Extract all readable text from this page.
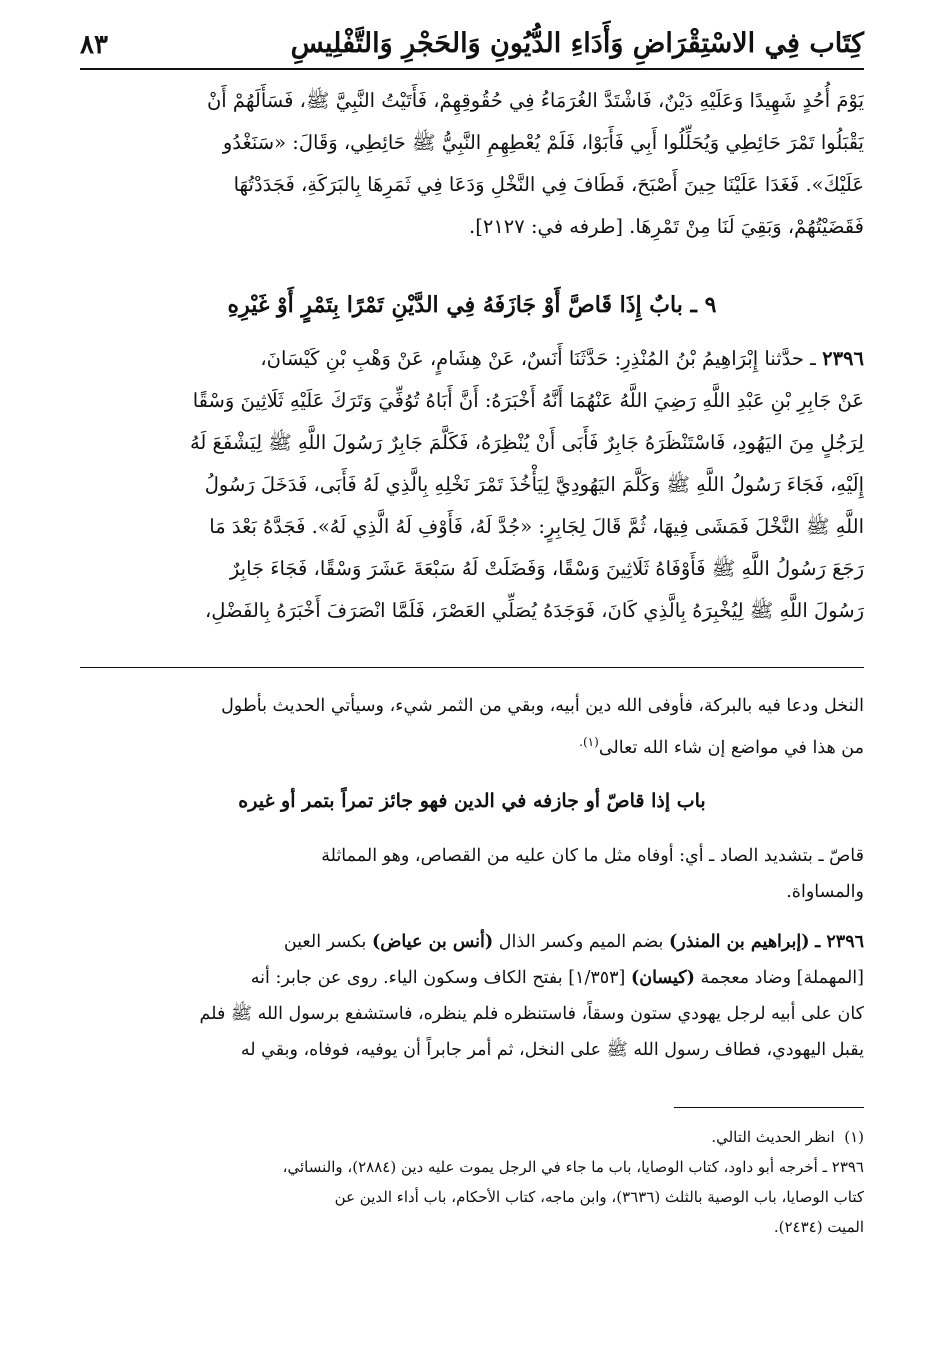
كِتَاب فِي الاسْتِقْرَاضِ وَأَدَاءِ الدُّيُونِ وَالحَجْرِ وَالتَّفْلِيسِ
٨٣
يَوْمَ أُحُدٍ شَهِيدًا وَعَلَيْهِ دَيْنٌ، فَاشْتَدَّ الغُرَمَاءُ فِي حُقُوقِهِمْ، فَأَتَيْتُ النَّبِيَّ ﷺ، فَسَأَلَهُمْ أَنْ
يَقْبَلُوا تَمْرَ حَائِطِي وَيُحَلِّلُوا أَبِي فَأَبَوْا، فَلَمْ يُعْطِهِمِ النَّبِيُّ ﷺ حَائِطِي، وَقَالَ: «سَنَغْدُو
عَلَيْكَ». فَغَدَا عَلَيْنَا حِينَ أَصْبَحَ، فَطَافَ فِي النَّخْلِ وَدَعَا فِي ثَمَرِهَا بِالبَرَكَةِ، فَجَدَدْتُهَا
فَقَضَيْتُهُمْ، وَبَقِيَ لَنَا مِنْ تَمْرِهَا. [طرفه في: ٢١٢٧].
٩ ـ بابٌ إِذَا قَاصَّ أَوْ جَازَفَهُ فِي الدَّيْنِ تَمْرًا بِتَمْرٍ أَوْ غَيْرِهِ
٢٣٩٦ ـ حدَّثنا إِبْرَاهِيمُ بْنُ المُنْذِرِ: حَدَّثَنَا أَنَسٌ، عَنْ هِشَامٍ، عَنْ وَهْبِ بْنِ كَيْسَانَ،
عَنْ جَابِرِ بْنِ عَبْدِ اللَّهِ رَضِيَ اللَّهُ عَنْهُمَا أَنَّهُ أَخْبَرَهُ: أَنَّ أَبَاهُ تُوُفِّيَ وَتَرَكَ عَلَيْهِ ثَلَاثِينَ وَسْقًا
لِرَجُلٍ مِنَ اليَهُودِ، فَاسْتَنْظَرَهُ جَابِرٌ فَأَبَى أَنْ يُنْظِرَهُ، فَكَلَّمَ جَابِرٌ رَسُولَ اللَّهِ ﷺ لِيَشْفَعَ لَهُ
إِلَيْهِ، فَجَاءَ رَسُولُ اللَّهِ ﷺ وَكَلَّمَ اليَهُودِيَّ لِيَأْخُذَ تَمْرَ نَخْلِهِ بِالَّذِي لَهُ فَأَبَى، فَدَخَلَ رَسُولُ
اللَّهِ ﷺ النَّخْلَ فَمَشَى فِيهَا، ثُمَّ قَالَ لِجَابِرٍ: «جُدَّ لَهُ، فَأَوْفِ لَهُ الَّذِي لَهُ». فَجَدَّهُ بَعْدَ مَا
رَجَعَ رَسُولُ اللَّهِ ﷺ فَأَوْفَاهُ ثَلَاثِينَ وَسْقًا، وَفَضَلَتْ لَهُ سَبْعَةَ عَشَرَ وَسْقًا، فَجَاءَ جَابِرٌ
رَسُولَ اللَّهِ ﷺ لِيُخْبِرَهُ بِالَّذِي كَانَ، فَوَجَدَهُ يُصَلِّي العَصْرَ، فَلَمَّا انْصَرَفَ أَخْبَرَهُ بِالفَضْلِ،
النخل ودعا فيه بالبركة، فأوفى الله دين أبيه، وبقي من الثمر شيء، وسيأتي الحديث بأطول
من هذا في مواضع إن شاء الله تعالى$^{(١).}$
باب إذا قاصّ أو جازفه في الدين فهو جائز تمراً بتمر أو غيره
قاصّ ـ بتشديد الصاد ـ أي: أوفاه مثل ما كان عليه من القصاص، وهو المماثلة
والمساواة.
٢٣٩٦ ـ (إبراهيم بن المنذر) بضم الميم وكسر الذال (أنس بن عياض) بكسر العين
[المهملة] وضاد معجمة (كيسان) [١/٣٥٣] بفتح الكاف وسكون الياء. روى عن جابر: أنه
كان على أبيه لرجل يهودي ستون وسقاً، فاستنظره فلم ينظره، فاستشفع برسول الله ﷺ فلم
يقبل اليهودي، فطاف رسول الله ﷺ على النخل، ثم أمر جابراً أن يوفيه، فوفاه، وبقي له
(١)  انظر الحديث التالي.
٢٣٩٦ ـ أخرجه أبو داود، كتاب الوصايا، باب ما جاء في الرجل يموت عليه دين (٢٨٨٤)، والنسائي،
كتاب الوصايا، باب الوصية بالثلث (٣٦٣٦)، وابن ماجه، كتاب الأحكام، باب أداء الدين عن
الميت (٢٤٣٤).
